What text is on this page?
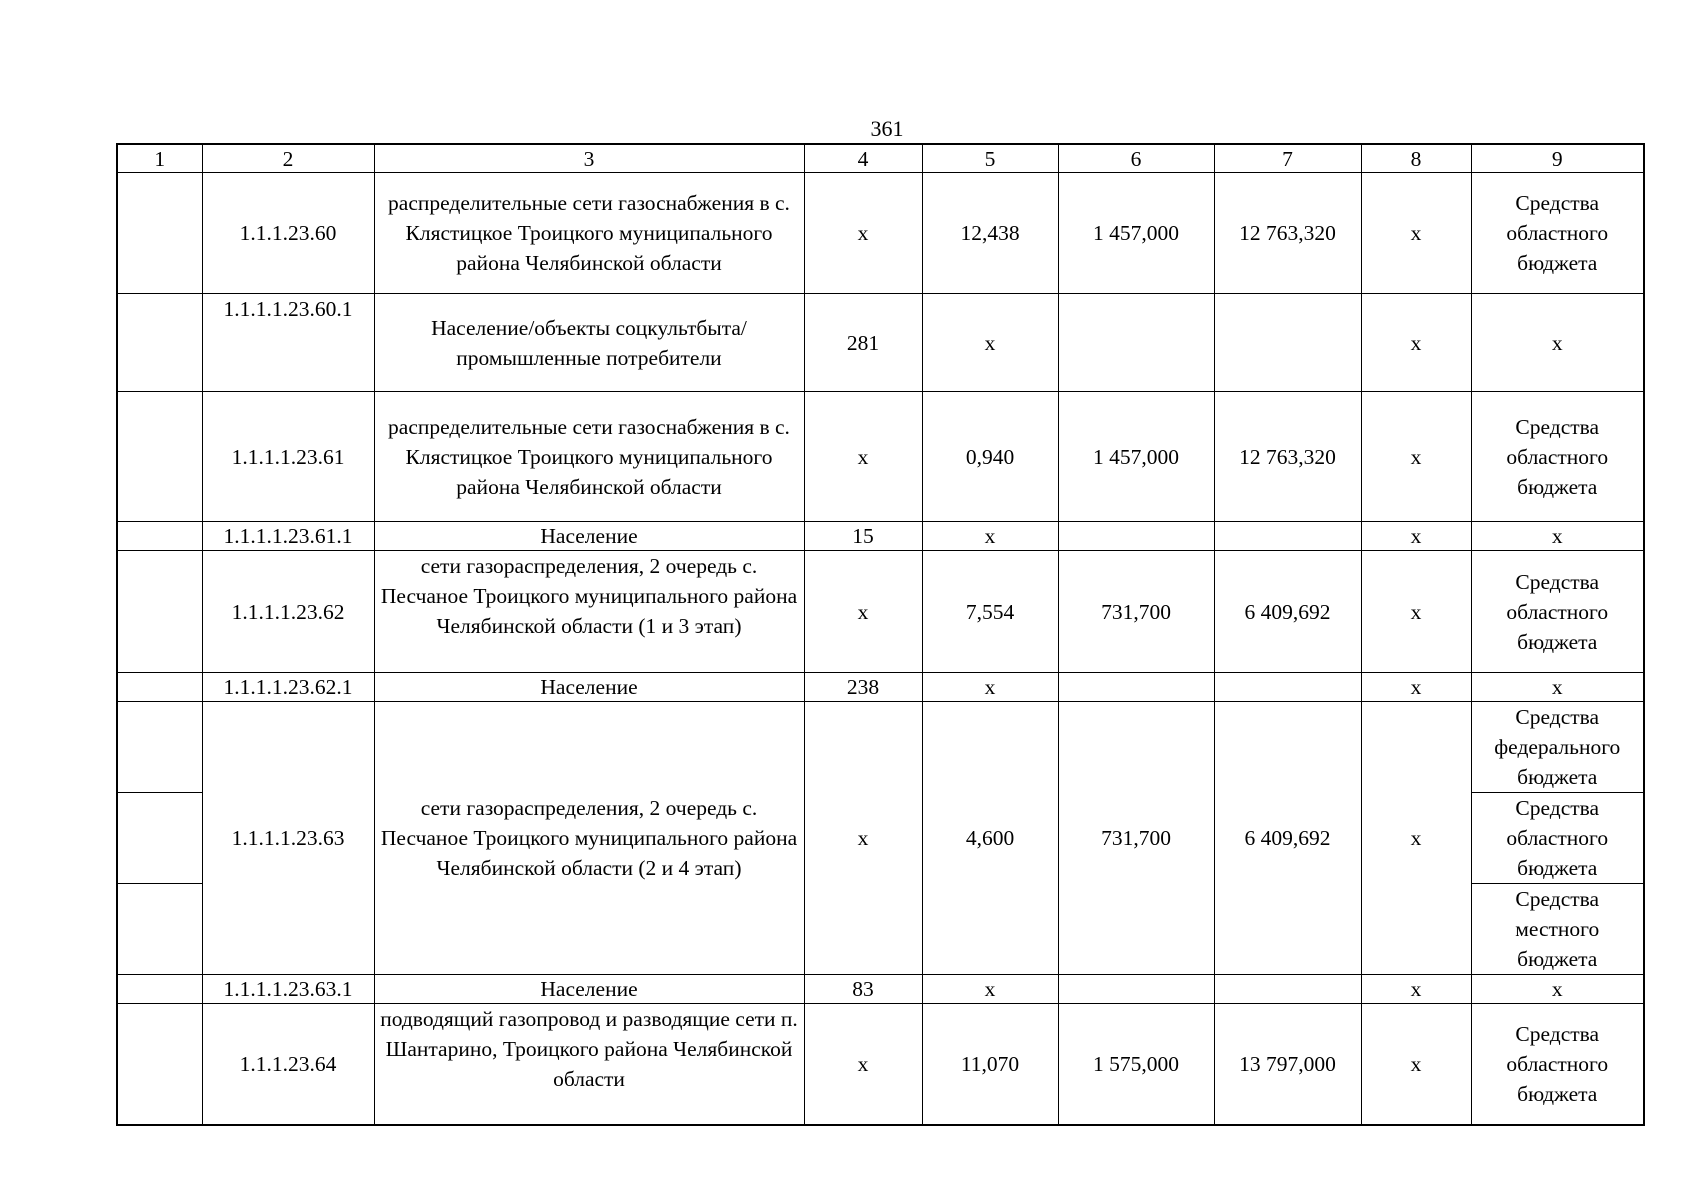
361
1	2	3	4	5	6	7	8	9
	1.1.1.23.60	распределительные сети газоснабжения в с. Клястицкое Троицкого муниципального района Челябинской области	х	12,438	1 457,000	12 763,320	х	Средства областного бюджета
	1.1.1.1.23.60.1	Население/объекты соцкультбыта/промышленные потребители	281	х			х	х
	1.1.1.1.23.61	распределительные сети газоснабжения в с. Клястицкое Троицкого муниципального района Челябинской области	х	0,940	1 457,000	12 763,320	х	Средства областного бюджета
	1.1.1.1.23.61.1	Население	15	х			х	х
	1.1.1.1.23.62	сети газораспределения, 2 очередь с. Песчаное Троицкого муниципального района Челябинской области (1 и 3 этап)	х	7,554	731,700	6 409,692	х	Средства областного бюджета
	1.1.1.1.23.62.1	Население	238	х			х	х
	1.1.1.1.23.63	сети газораспределения, 2 очередь с. Песчаное Троицкого муниципального района Челябинской области (2 и 4 этап)	х	4,600	731,700	6 409,692	х	Средства федерального бюджета
								Средства областного бюджета
								Средства местного бюджета
	1.1.1.1.23.63.1	Население	83	х			х	х
	1.1.1.23.64	подводящий газопровод и разводящие сети п. Шантарино, Троицкого района Челябинской области	х	11,070	1 575,000	13 797,000	х	Средства областного бюджета
